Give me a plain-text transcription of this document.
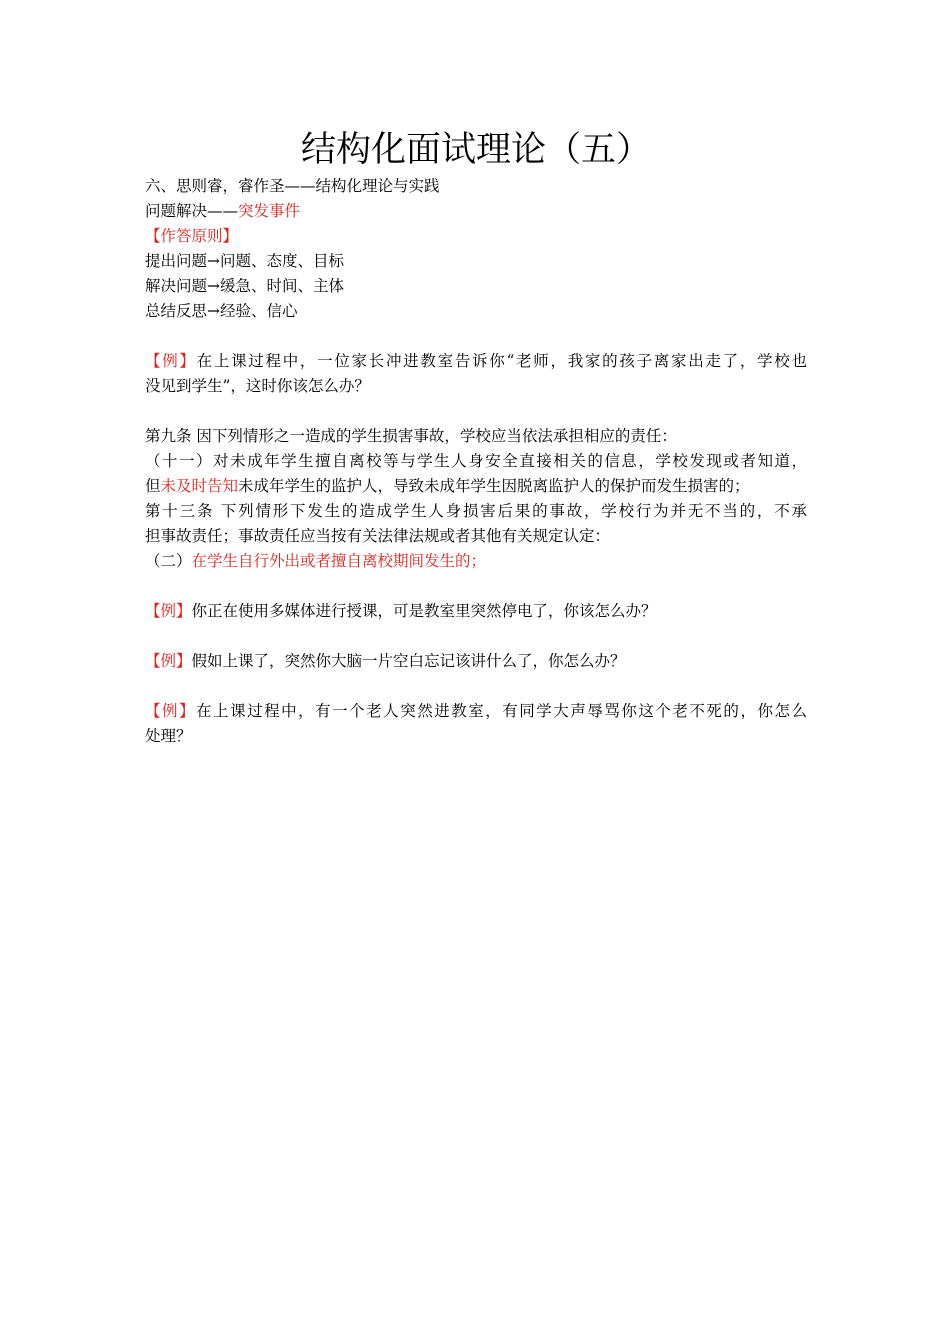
结构化面试理论（五）
六、思则睿，睿作圣——结构化理论与实践
问题解决——突发事件
【作答原则】
提出问题→问题、态度、目标
解决问题→缓急、时间、主体
总结反思→经验、信心
【例】在上课过程中，一位家长冲进教室告诉你“老师，我家的孩子离家出走了，学校也
没见到学生”，这时你该怎么办？
第九条 因下列情形之一造成的学生损害事故，学校应当依法承担相应的责任：
（十一）对未成年学生擅自离校等与学生人身安全直接相关的信息，学校发现或者知道，
但未及时告知未成年学生的监护人，导致未成年学生因脱离监护人的保护而发生损害的；
第十三条 下列情形下发生的造成学生人身损害后果的事故，学校行为并无不当的，不承
担事故责任；事故责任应当按有关法律法规或者其他有关规定认定：
（二）在学生自行外出或者擅自离校期间发生的；
【例】你正在使用多媒体进行授课，可是教室里突然停电了，你该怎么办？
【例】假如上课了，突然你大脑一片空白忘记该讲什么了，你怎么办？
【例】在上课过程中，有一个老人突然进教室，有同学大声辱骂你这个老不死的，你怎么
处理？
